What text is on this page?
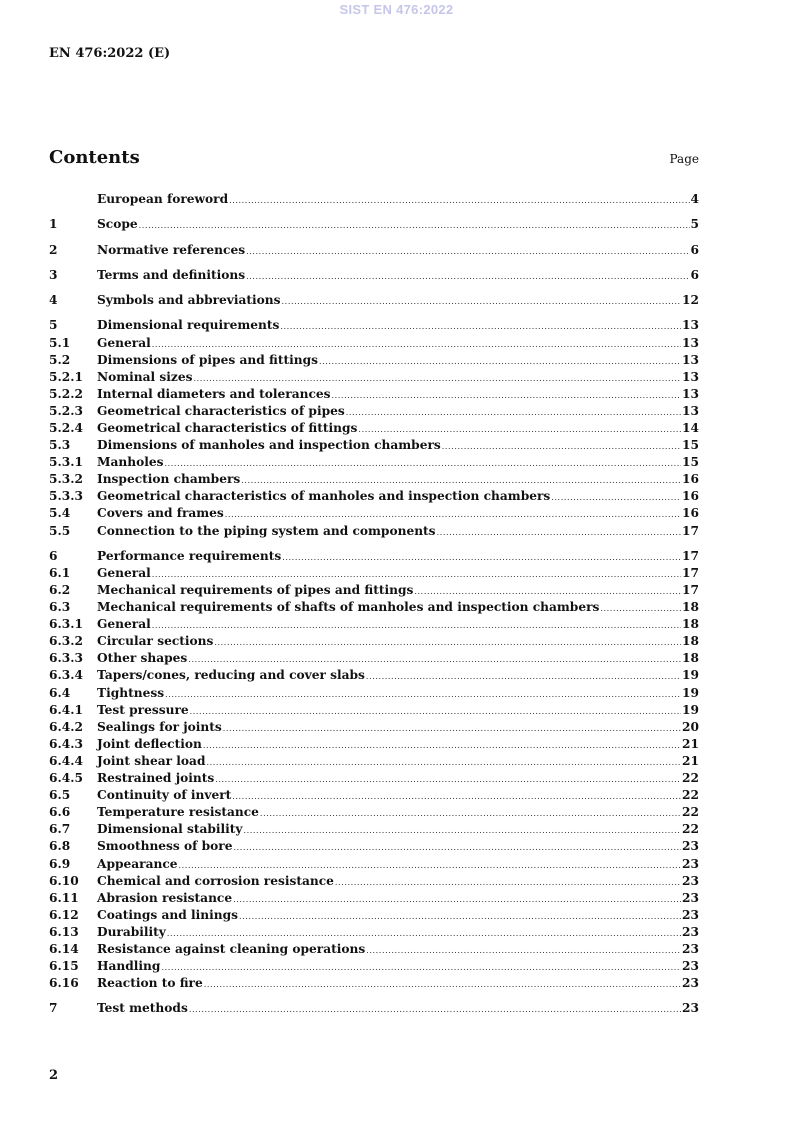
SIST EN 476:2022
EN 476:2022 (E)
Contents	Page
European foreword .....	4
1	Scope .....	5
2	Normative references .....	6
3	Terms and definitions .....	6
4	Symbols and abbreviations .....	12
5	Dimensional requirements .....	13
5.1	General .....	13
5.2	Dimensions of pipes and fittings .....	13
5.2.1	Nominal sizes .....	13
5.2.2	Internal diameters and tolerances .....	13
5.2.3	Geometrical characteristics of pipes .....	13
5.2.4	Geometrical characteristics of fittings .....	14
5.3	Dimensions of manholes and inspection chambers .....	15
5.3.1	Manholes .....	15
5.3.2	Inspection chambers .....	16
5.3.3	Geometrical characteristics of manholes and inspection chambers .....	16
5.4	Covers and frames .....	16
5.5	Connection to the piping system and components .....	17
6	Performance requirements .....	17
6.1	General .....	17
6.2	Mechanical requirements of pipes and fittings .....	17
6.3	Mechanical requirements of shafts of manholes and inspection chambers .....	18
6.3.1	General .....	18
6.3.2	Circular sections .....	18
6.3.3	Other shapes .....	18
6.3.4	Tapers/cones, reducing and cover slabs .....	19
6.4	Tightness .....	19
6.4.1	Test pressure .....	19
6.4.2	Sealings for joints .....	20
6.4.3	Joint deflection .....	21
6.4.4	Joint shear load .....	21
6.4.5	Restrained joints .....	22
6.5	Continuity of invert .....	22
6.6	Temperature resistance .....	22
6.7	Dimensional stability .....	22
6.8	Smoothness of bore .....	23
6.9	Appearance .....	23
6.10	Chemical and corrosion resistance .....	23
6.11	Abrasion resistance .....	23
6.12	Coatings and linings .....	23
6.13	Durability .....	23
6.14	Resistance against cleaning operations .....	23
6.15	Handling .....	23
6.16	Reaction to fire .....	23
7	Test methods .....	23
2
